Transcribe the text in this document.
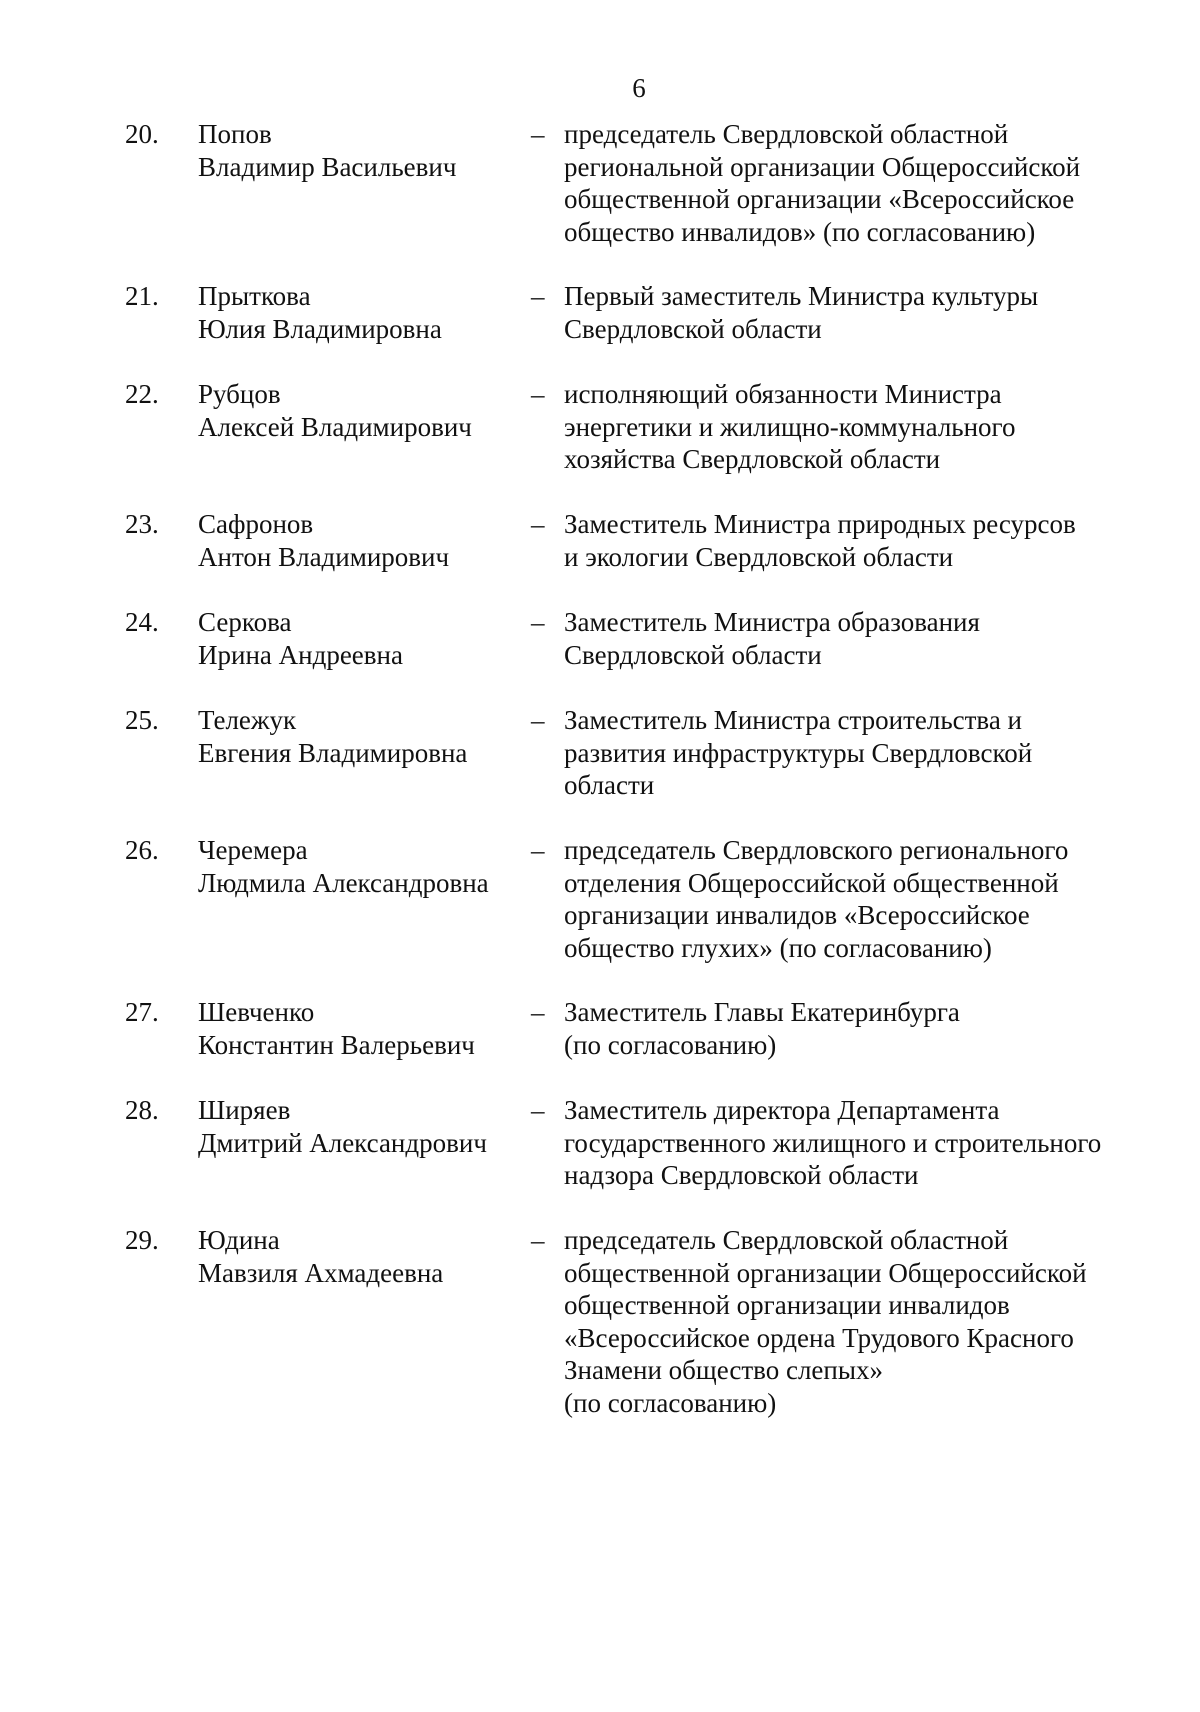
6
20. Попов
Владимир Васильевич
– председатель Свердловской областной
региональной организации Общероссийской
общественной организации «Всероссийское
общество инвалидов» (по согласованию)
21. Прыткова
Юлия Владимировна
– Первый заместитель Министра культуры
Свердловской области
22. Рубцов
Алексей Владимирович
– исполняющий обязанности Министра
энергетики и жилищно-коммунального
хозяйства Свердловской области
23. Сафронов
Антон Владимирович
– Заместитель Министра природных ресурсов
и экологии Свердловской области
24. Серкова
Ирина Андреевна
– Заместитель Министра образования
Свердловской области
25. Тележук
Евгения Владимировна
– Заместитель Министра строительства и
развития инфраструктуры Свердловской
области
26. Черемера
Людмила Александровна
– председатель Свердловского регионального
отделения Общероссийской общественной
организации инвалидов «Всероссийское
общество глухих» (по согласованию)
27. Шевченко
Константин Валерьевич
– Заместитель Главы Екатеринбурга
(по согласованию)
28. Ширяев
Дмитрий Александрович
– Заместитель директора Департамента
государственного жилищного и строительного
надзора Свердловской области
29. Юдина
Мавзиля Ахмадеевна
– председатель Свердловской областной
общественной организации Общероссийской
общественной организации инвалидов
«Всероссийское ордена Трудового Красного
Знамени общество слепых»
(по согласованию)
